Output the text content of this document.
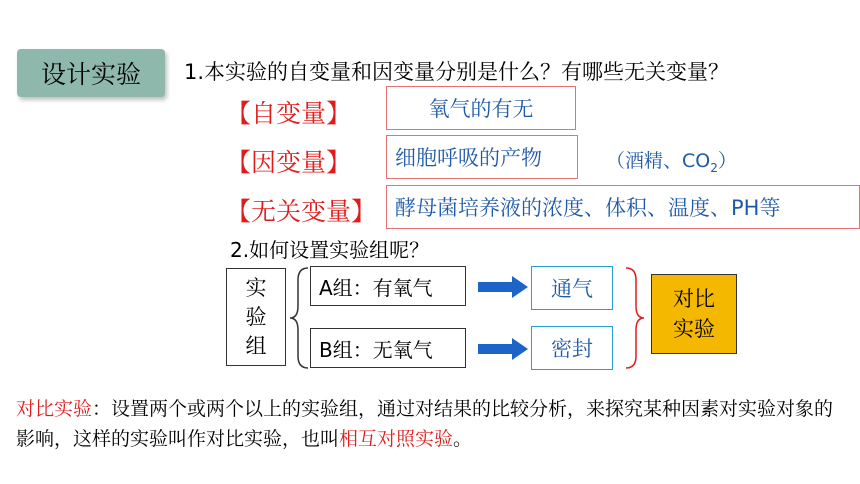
设计实验	1.本实验的自变量和因变量分别是什么？有哪些无关变量？
【自变量】	氧气的有无
【因变量】	细胞呼吸的产物	（酒精、$CO_2$）
【无关变量】 酵母菌培养液的浓度、体积、温度、PH等
2.如何设置实验组呢？
实
验
组
A组：有氧气
B组：无氧气
通气
密封
对比
实验
对比实验：设置两个或两个以上的实验组，通过对结果的比较分析，来探究某种因素对实验对象的影响，这样的实验叫作对比实验，也叫相互对照实验。
